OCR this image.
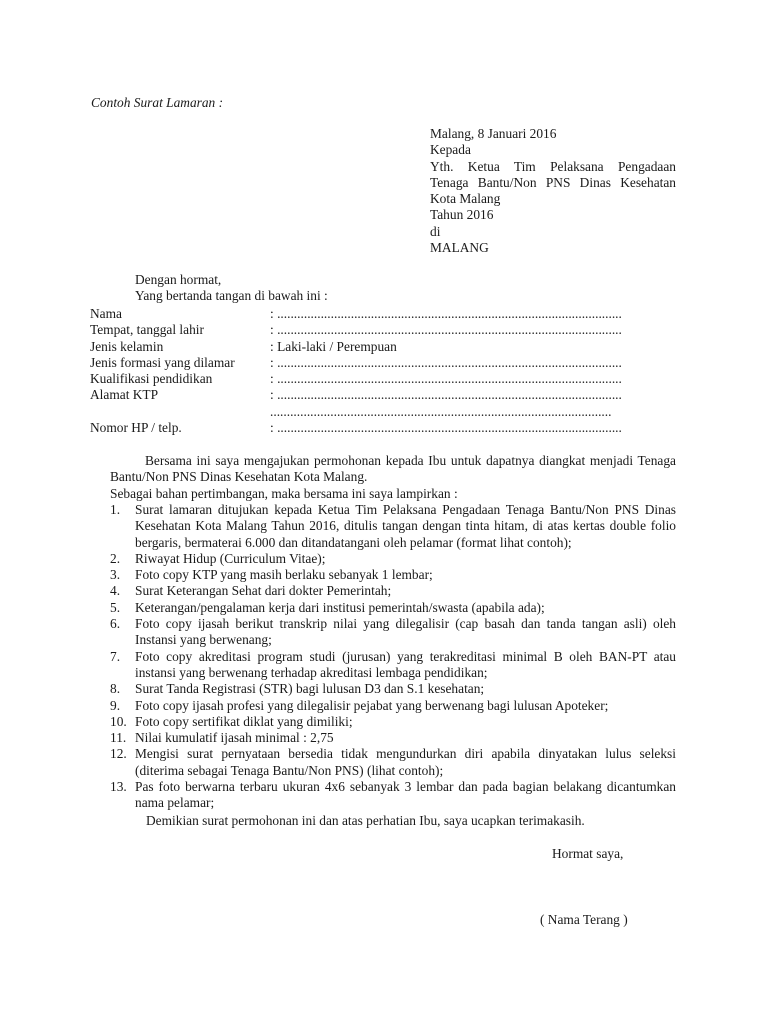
Contoh Surat Lamaran :
Malang, 8 Januari 2016
Kepada
Yth. Ketua Tim Pelaksana Pengadaan
Tenaga Bantu/Non PNS Dinas Kesehatan
Kota Malang
Tahun 2016
di
MALANG
Dengan hormat,
Yang bertanda tangan di bawah ini :
Nama	: .......................................................................................................
Tempat, tanggal lahir	: .......................................................................................................
Jenis kelamin	: Laki-laki / Perempuan
Jenis formasi yang dilamar	: .......................................................................................................
Kualifikasi pendidikan	: .......................................................................................................
Alamat KTP	: .......................................................................................................
......................................................................................................
Nomor HP / telp.	: .......................................................................................................
Bersama ini saya mengajukan permohonan kepada Ibu untuk dapatnya diangkat menjadi Tenaga Bantu/Non PNS Dinas Kesehatan Kota Malang.
Sebagai bahan pertimbangan, maka bersama ini saya lampirkan :
1.	Surat lamaran ditujukan kepada Ketua Tim Pelaksana Pengadaan Tenaga Bantu/Non PNS Dinas Kesehatan Kota Malang Tahun 2016, ditulis tangan dengan tinta hitam, di atas kertas double folio bergaris, bermaterai 6.000 dan ditandatangani oleh pelamar (format lihat contoh);
2.	Riwayat Hidup (Curriculum Vitae);
3.	Foto copy KTP yang masih berlaku sebanyak 1 lembar;
4.	Surat Keterangan Sehat dari dokter Pemerintah;
5.	Keterangan/pengalaman kerja dari institusi pemerintah/swasta (apabila ada);
6.	Foto copy ijasah berikut transkrip nilai yang dilegalisir (cap basah dan tanda tangan asli) oleh Instansi yang berwenang;
7.	Foto copy akreditasi program studi (jurusan) yang terakreditasi minimal B oleh BAN-PT atau instansi yang berwenang terhadap akreditasi lembaga pendidikan;
8.	Surat Tanda Registrasi (STR) bagi lulusan D3 dan S.1 kesehatan;
9.	Foto copy ijasah profesi yang dilegalisir pejabat yang berwenang bagi lulusan Apoteker;
10. Foto copy sertifikat diklat yang dimiliki;
11. Nilai kumulatif ijasah minimal : 2,75
12. Mengisi surat pernyataan bersedia tidak mengundurkan diri apabila dinyatakan lulus seleksi (diterima sebagai Tenaga Bantu/Non PNS) (lihat contoh);
13. Pas foto berwarna terbaru ukuran 4x6 sebanyak 3 lembar dan pada bagian belakang dicantumkan nama pelamar;
Demikian surat permohonan ini dan atas perhatian Ibu, saya ucapkan terimakasih.
Hormat saya,
( Nama Terang )
